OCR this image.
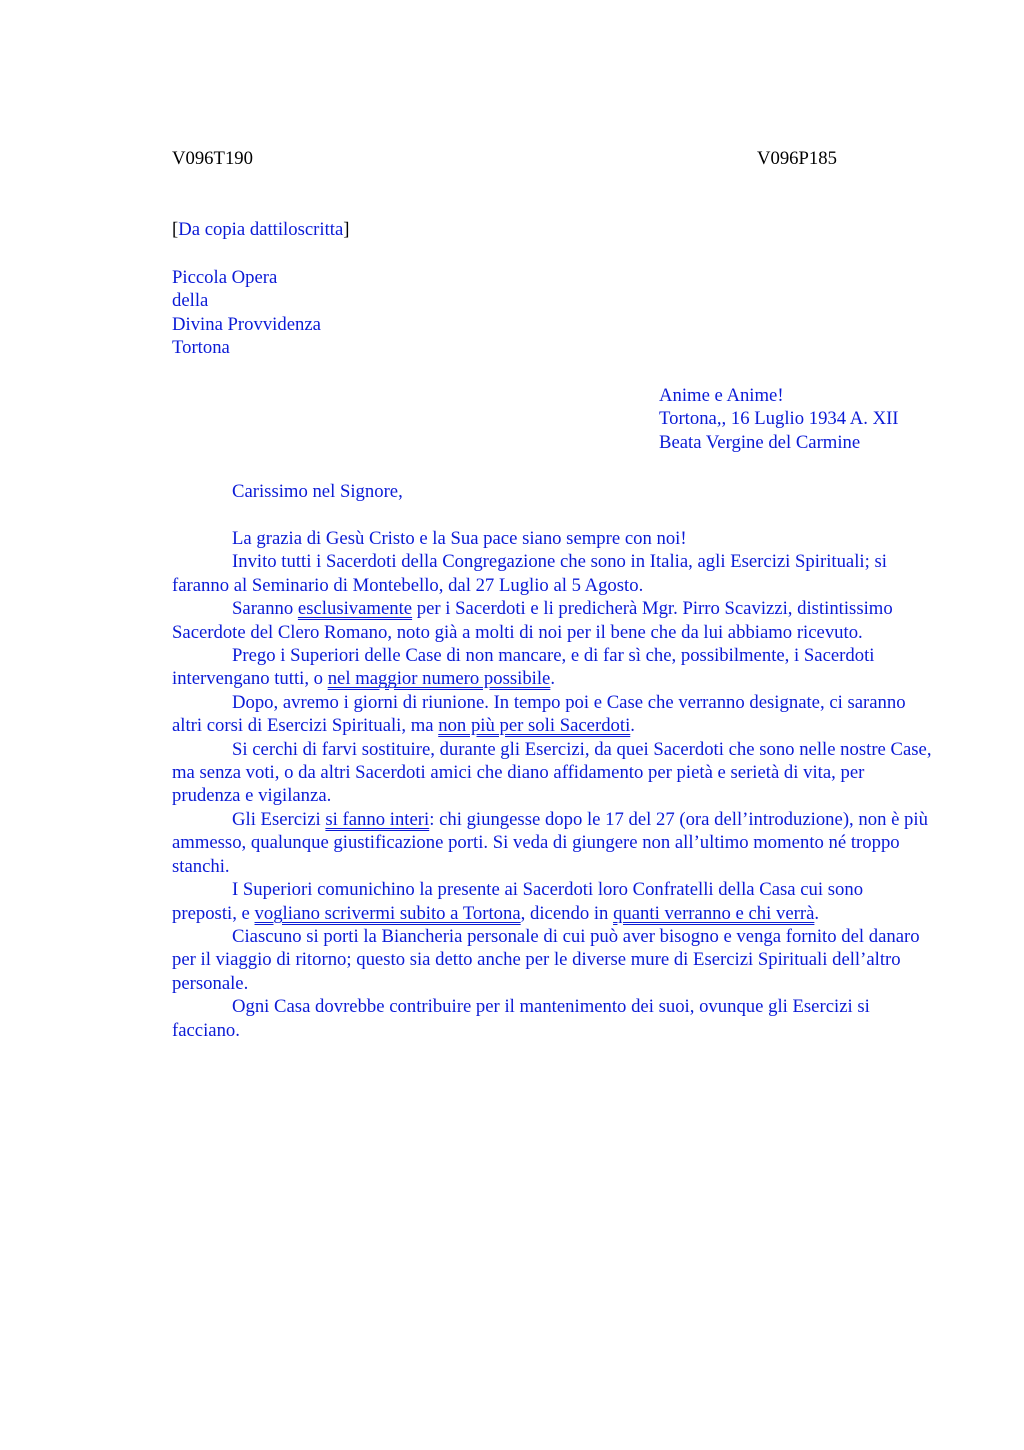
V096T190	V096P185
[Da copia dattiloscritta]
Piccola Opera
della
Divina Provvidenza
Tortona
Anime e Anime!
Tortona,, 16 Luglio 1934 A. XII
Beata Vergine del Carmine
Carissimo nel Signore,

La grazia di Gesù Cristo e la Sua pace siano sempre con noi!

Invito tutti i Sacerdoti della Congregazione che sono in Italia, agli Esercizi Spirituali; si faranno al Seminario di Montebello, dal 27 Luglio al 5 Agosto.

Saranno esclusivamente per i Sacerdoti e li predicherà Mgr. Pirro Scavizzi, distintissimo Sacerdote del Clero Romano, noto già a molti di noi per il bene che da lui abbiamo ricevuto.

Prego i Superiori delle Case di non mancare, e di far sì che, possibilmente, i Sacerdoti intervengano tutti, o nel maggior numero possibile.

Dopo, avremo i giorni di riunione. In tempo poi e Case che verranno designate, ci saranno altri corsi di Esercizi Spirituali, ma non più per soli Sacerdoti.

Si cerchi di farvi sostituire, durante gli Esercizi, da quei Sacerdoti che sono nelle nostre Case, ma senza voti, o da altri Sacerdoti amici che diano affidamento per pietà e serietà di vita, per prudenza e vigilanza.

Gli Esercizi si fanno interi: chi giungesse dopo le 17 del 27 (ora dell’introduzione), non è più ammesso, qualunque giustificazione porti. Si veda di giungere non all’ultimo momento né troppo stanchi.

I Superiori comunichino la presente ai Sacerdoti loro Confratelli della Casa cui sono preposti, e vogliano scrivermi subito a Tortona, dicendo in quanti verranno e chi verrà.

Ciascuno si porti la Biancheria personale di cui può aver bisogno e venga fornito del danaro per il viaggio di ritorno; questo sia detto anche per le diverse mure di Esercizi Spirituali dell’altro personale.

Ogni Casa dovrebbe contribuire per il mantenimento dei suoi, ovunque gli Esercizi si facciano.
